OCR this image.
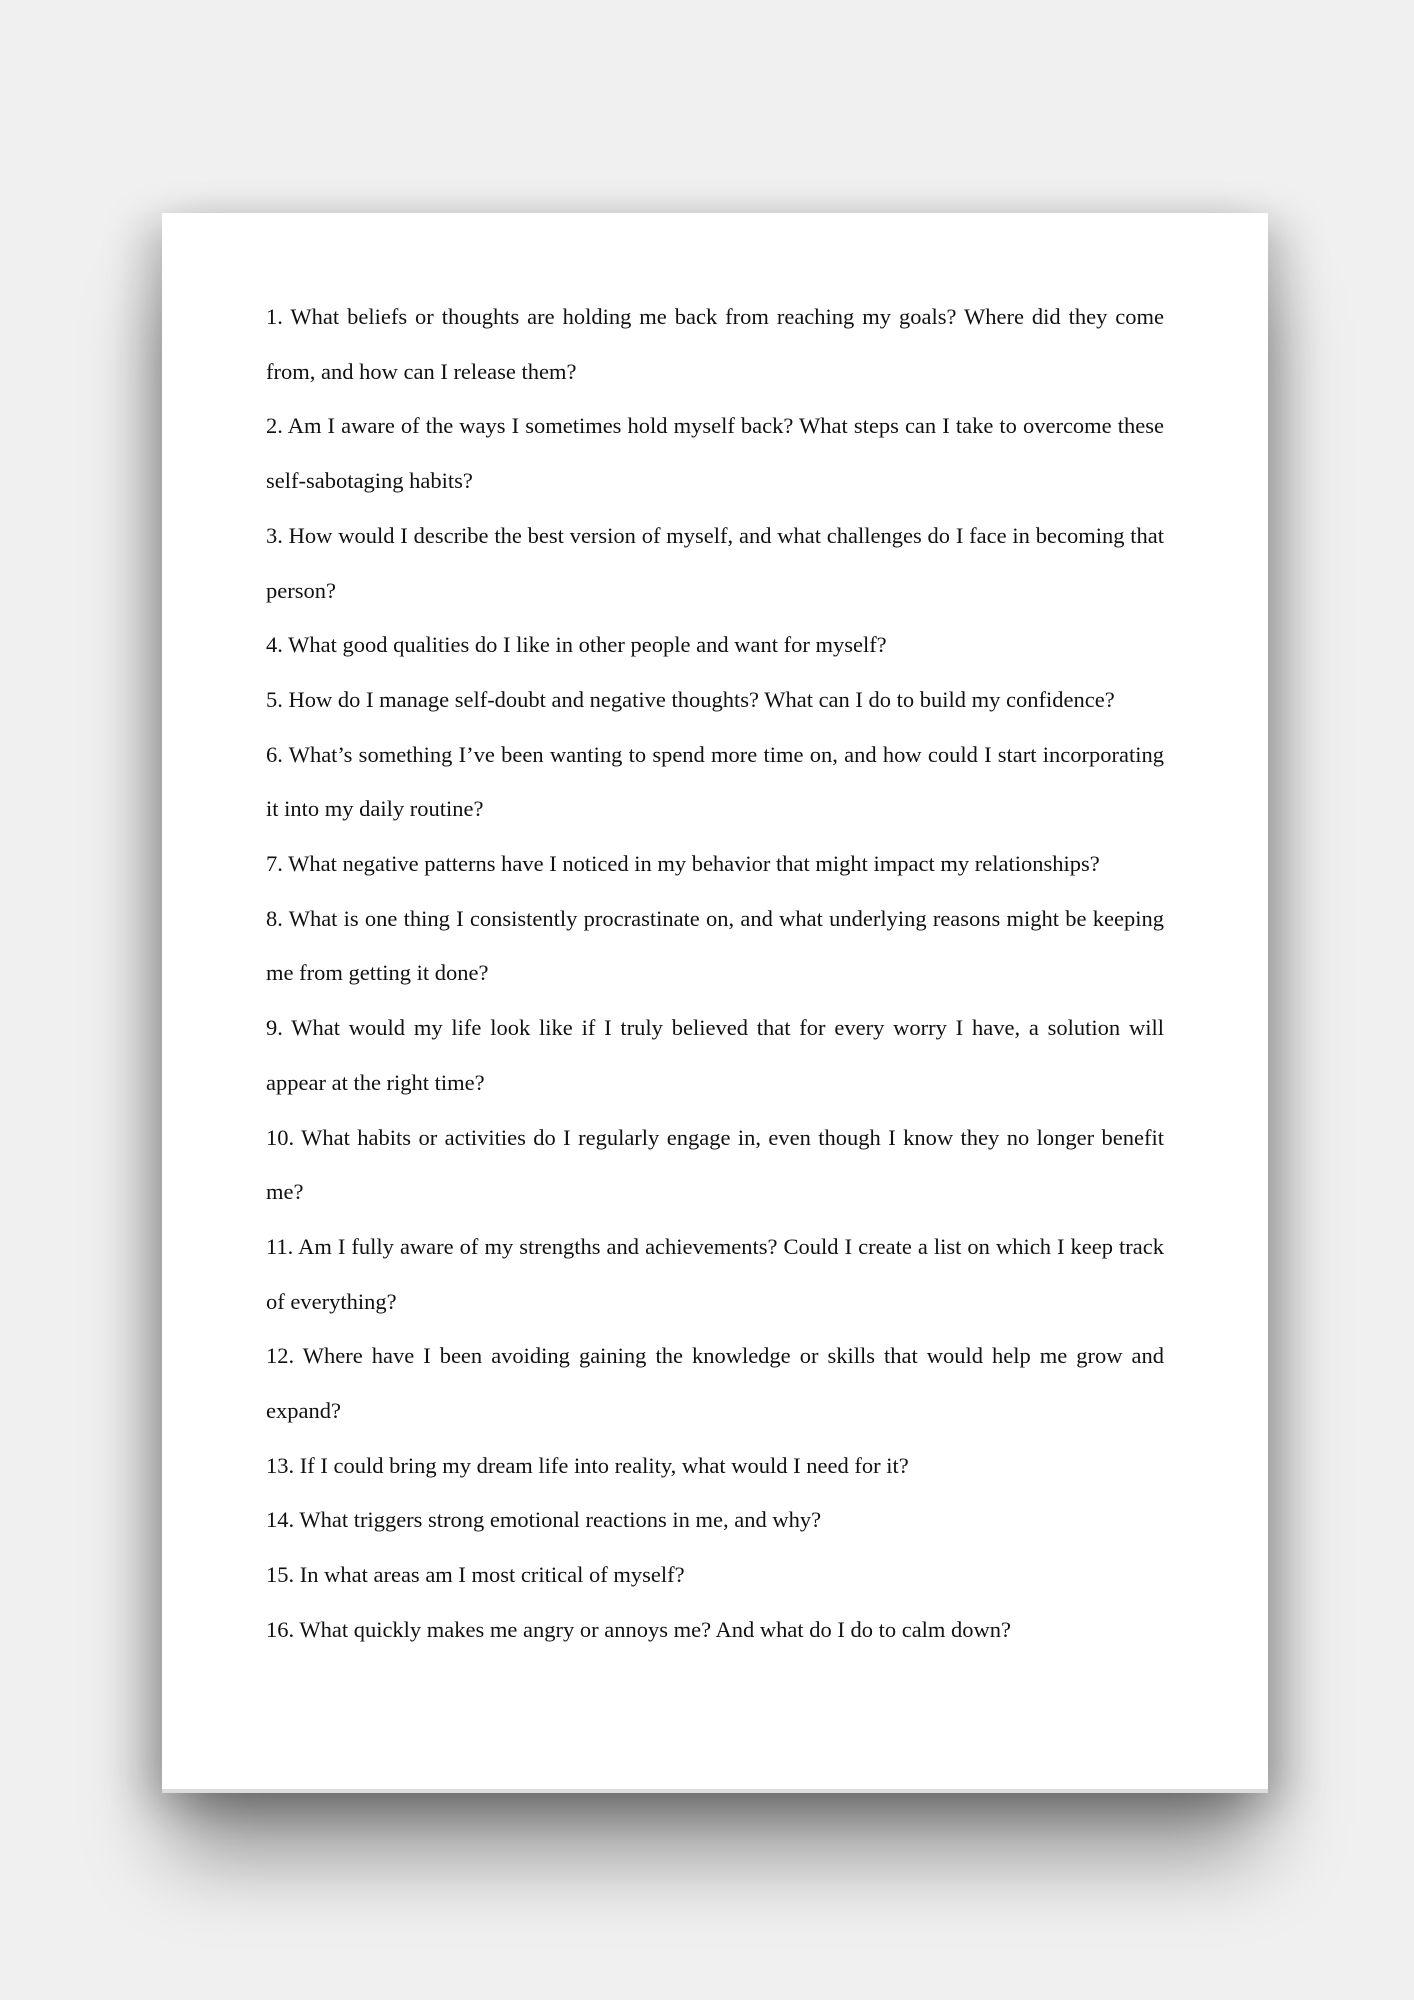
1. What beliefs or thoughts are holding me back from reaching my goals? Where did they come from, and how can I release them?

2. Am I aware of the ways I sometimes hold myself back? What steps can I take to overcome these self-sabotaging habits?

3. How would I describe the best version of myself, and what challenges do I face in becoming that person?

4. What good qualities do I like in other people and want for myself?

5. How do I manage self-doubt and negative thoughts? What can I do to build my confidence?

6. What’s something I’ve been wanting to spend more time on, and how could I start incorporating it into my daily routine?

7. What negative patterns have I noticed in my behavior that might impact my relationships?

8. What is one thing I consistently procrastinate on, and what underlying reasons might be keeping me from getting it done?

9. What would my life look like if I truly believed that for every worry I have, a solution will appear at the right time?

10. What habits or activities do I regularly engage in, even though I know they no longer benefit me?

11. Am I fully aware of my strengths and achievements? Could I create a list on which I keep track of everything?

12. Where have I been avoiding gaining the knowledge or skills that would help me grow and expand?

13. If I could bring my dream life into reality, what would I need for it?

14. What triggers strong emotional reactions in me, and why?

15. In what areas am I most critical of myself?

16. What quickly makes me angry or annoys me? And what do I do to calm down?
